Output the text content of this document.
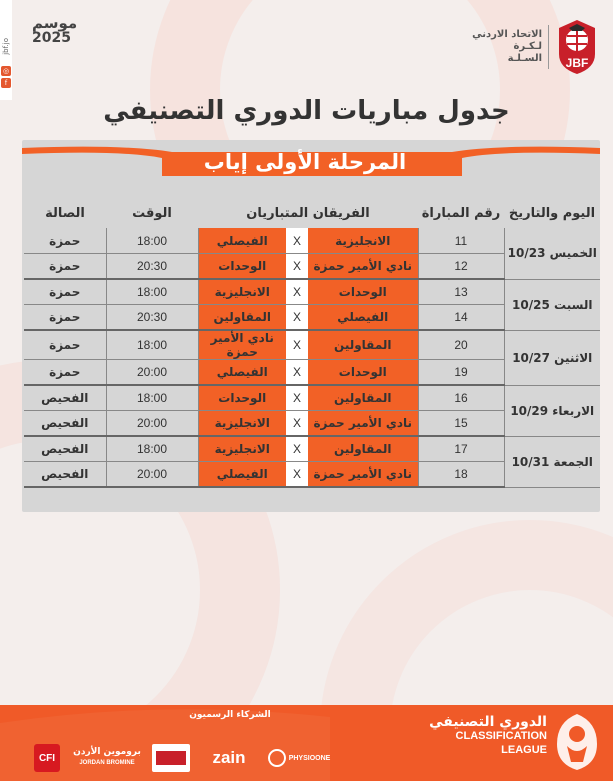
f
◎
jbf.jo
موسم
2025	الاتحاد الاردني
لـكـرة
السـلـة JBF
جدول مباريات الدوري التصنيفي
المرحلة الأولى إياب
اليوم والتاريخ	رقم المباراة	الفريقان المتباريان			الوقت	الصالة
الخميس 10/23	11	الانجليزية	X	الفيصلي	18:00	حمزة
	12	نادي الأمير حمزة	X	الوحدات	20:30	حمزة
السبت 10/25	13	الوحدات	X	الانجليزية	18:00	حمزة
	14	الفيصلي	X	المقاولين	20:30	حمزة
الاثنين 10/27	20	المقاولين	X	نادي الأمير حمزة	18:00	حمزة
	19	الوحدات	X	الفيصلي	20:00	حمزة
الاربعاء 10/29	16	المقاولين	X	الوحدات	18:00	الفحيص
	15	نادي الأمير حمزة	X	الانجليزية	20:00	الفحيص
الجمعة 10/31	17	المقاولين	X	الانجليزية	18:00	الفحيص
	18	نادي الأمير حمزة	X	الفيصلي	20:00	الفحيص
الشركاء الرسميون
CFI
بروموين الأردن
JORDAN BROMINE	zain	PHYSIOONE
الدوري التصنيفي
CLASSIFICATION
LEAGUE
